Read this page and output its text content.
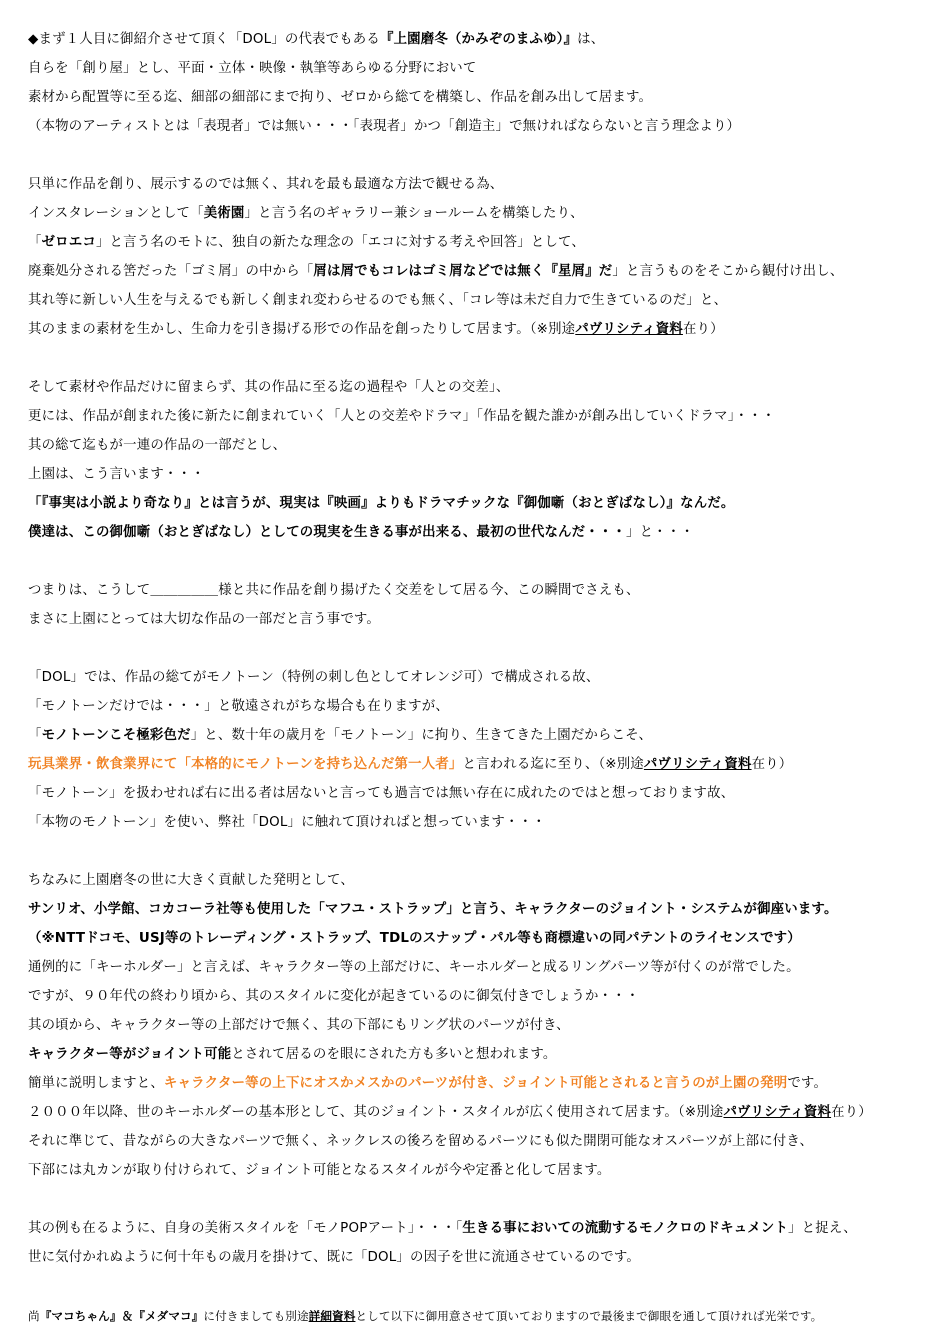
◆まず１人目に御紹介させて頂く「DOL」の代表でもある『上園磨冬（かみぞのまふゆ）』は、
自らを「創り屋」とし、平面・立体・映像・執筆等あらゆる分野において
素材から配置等に至る迄、細部の細部にまで拘り、ゼロから総てを構築し、作品を創み出して居ます。
（本物のアーティストとは「表現者」では無い・・・「表現者」かつ「創造主」で無ければならないと言う理念より）
只単に作品を創り、展示するのでは無く、其れを最も最適な方法で観せる為、
インスタレーションとして「美術園」と言う名のギャラリー兼ショールームを構築したり、
「ゼロエコ」と言う名のモトに、独自の新たな理念の「エコに対する考えや回答」として、
廃棄処分される筈だった「ゴミ屑」の中から「屑は屑でもコレはゴミ屑などでは無く『星屑』だ」と言うものをそこから観付け出し、
其れ等に新しい人生を与えるでも新しく創まれ変わらせるのでも無く、「コレ等は未だ自力で生きているのだ」と、
其のままの素材を生かし、生命力を引き揚げる形での作品を創ったりして居ます。（※別途パヴリシティ資料在り）
そして素材や作品だけに留まらず、其の作品に至る迄の過程や「人との交差」、
更には、作品が創まれた後に新たに創まれていく「人との交差やドラマ」「作品を観た誰かが創み出していくドラマ」・・・
其の総て迄もが一連の作品の一部だとし、
上園は、こう言います・・・
「『事実は小説より奇なり』とは言うが、現実は『映画』よりもドラマチックな『御伽噺（おとぎばなし）』なんだ。
僕達は、この御伽噺（おとぎばなし）としての現実を生きる事が出来る、最初の世代なんだ・・・」と・・・
つまりは、こうして＿＿＿＿＿様と共に作品を創り揚げたく交差をして居る今、この瞬間でさえも、
まさに上園にとっては大切な作品の一部だと言う事です。
「DOL」では、作品の総てがモノトーン（特例の刺し色としてオレンジ可）で構成される故、
「モノトーンだけでは・・・」と敬遠されがちな場合も在りますが、
「モノトーンこそ極彩色だ」と、数十年の歳月を「モノトーン」に拘り、生きてきた上園だからこそ、
玩具業界・飲食業界にて「本格的にモノトーンを持ち込んだ第一人者」と言われる迄に至り、（※別途パヴリシティ資料在り）
「モノトーン」を扱わせれば右に出る者は居ないと言っても過言では無い存在に成れたのではと想っております故、
「本物のモノトーン」を使い、弊社「DOL」に触れて頂ければと想っています・・・
ちなみに上園磨冬の世に大きく貢献した発明として、
サンリオ、小学館、コカコーラ社等も使用した「マフユ・ストラップ」と言う、キャラクターのジョイント・システムが御座います。
（※NTTドコモ、USJ等のトレーディング・ストラップ、TDLのスナップ・パル等も商標違いの同パテントのライセンスです）
通例的に「キーホルダー」と言えば、キャラクター等の上部だけに、キーホルダーと成るリングパーツ等が付くのが常でした。
ですが、９０年代の終わり頃から、其のスタイルに変化が起きているのに御気付きでしょうか・・・
其の頃から、キャラクター等の上部だけで無く、其の下部にもリング状のパーツが付き、
キャラクター等がジョイント可能とされて居るのを眼にされた方も多いと想われます。
簡単に説明しますと、キャラクター等の上下にオスかメスかのパーツが付き、ジョイント可能とされると言うのが上園の発明です。
２０００年以降、世のキーホルダーの基本形として、其のジョイント・スタイルが広く使用されて居ます。（※別途パヴリシティ資料在り）
それに準じて、昔ながらの大きなパーツで無く、ネックレスの後ろを留めるパーツにも似た開閉可能なオスパーツが上部に付き、
下部には丸カンが取り付けられて、ジョイント可能となるスタイルが今や定番と化して居ます。
其の例も在るように、自身の美術スタイルを「モノPOPアート」・・・「生きる事においての流動するモノクロのドキュメント」と捉え、
世に気付かれぬように何十年もの歳月を掛けて、既に「DOL」の因子を世に流通させているのです。
尚『マコちゃん』＆『メダマコ』に付きましても別途詳細資料として以下に御用意させて頂いておりますので最後まで御眼を通して頂ければ光栄です。
